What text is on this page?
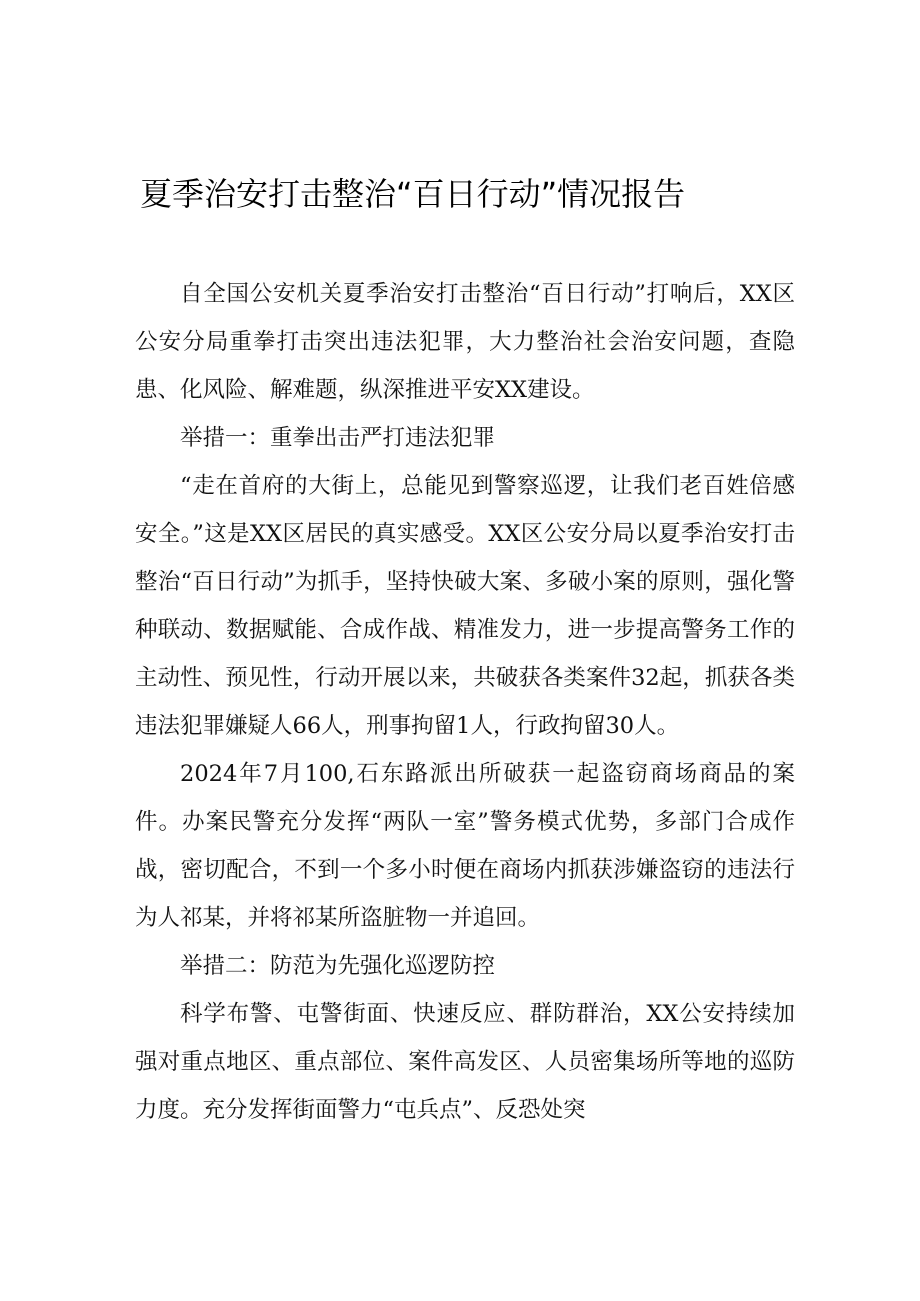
夏季治安打击整治“百日行动”情况报告

自全国公安机关夏季治安打击整治“百日行动”打响后，XX区公安分局重拳打击突出违法犯罪，大力整治社会治安问题，查隐患、化风险、解难题，纵深推进平安XX建设。

举措一：重拳出击严打违法犯罪

“走在首府的大街上，总能见到警察巡逻，让我们老百姓倍感安全。”这是XX区居民的真实感受。XX区公安分局以夏季治安打击整治“百日行动”为抓手，坚持快破大案、多破小案的原则，强化警种联动、数据赋能、合成作战、精准发力，进一步提高警务工作的主动性、预见性，行动开展以来，共破获各类案件32起，抓获各类违法犯罪嫌疑人66人，刑事拘留1人，行政拘留30人。

2024年7月100,石东路派出所破获一起盗窃商场商品的案件。办案民警充分发挥“两队一室”警务模式优势，多部门合成作战，密切配合，不到一个多小时便在商场内抓获涉嫌盗窃的违法行为人祁某，并将祁某所盗脏物一并追回。

举措二：防范为先强化巡逻防控

科学布警、屯警街面、快速反应、群防群治，XX公安持续加强对重点地区、重点部位、案件高发区、人员密集场所等地的巡防力度。充分发挥街面警力“屯兵点”、反恐处突
